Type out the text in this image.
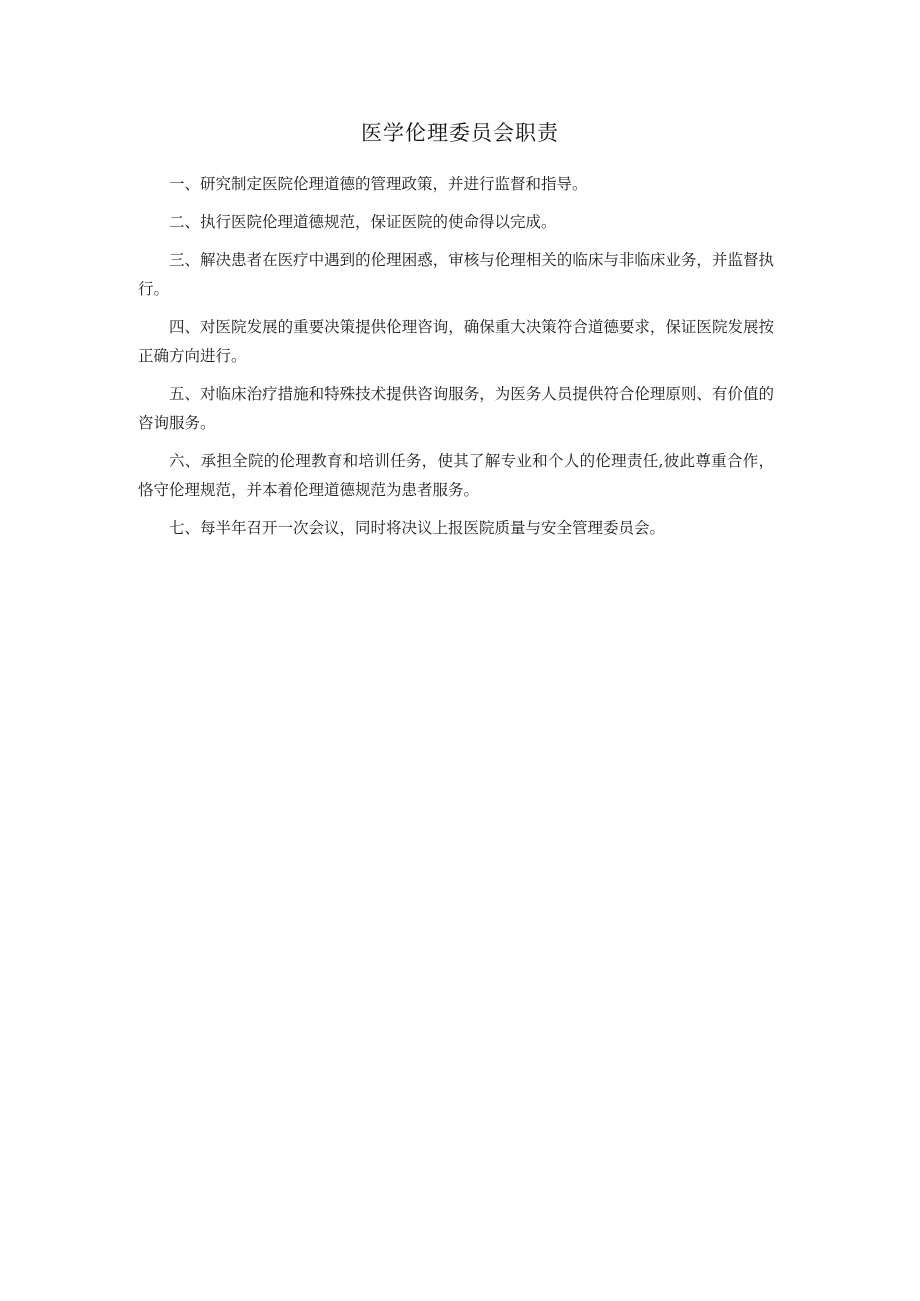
医学伦理委员会职责

一、研究制定医院伦理道德的管理政策，并进行监督和指导。

二、执行医院伦理道德规范，保证医院的使命得以完成。

三、解决患者在医疗中遇到的伦理困惑，审核与伦理相关的临床与非临床业务，并监督执行。

四、对医院发展的重要决策提供伦理咨询，确保重大决策符合道德要求，保证医院发展按正确方向进行。

五、对临床治疗措施和特殊技术提供咨询服务，为医务人员提供符合伦理原则、有价值的咨询服务。

六、承担全院的伦理教育和培训任务，使其了解专业和个人的伦理责任,彼此尊重合作，恪守伦理规范，并本着伦理道德规范为患者服务。

七、每半年召开一次会议，同时将决议上报医院质量与安全管理委员会。
